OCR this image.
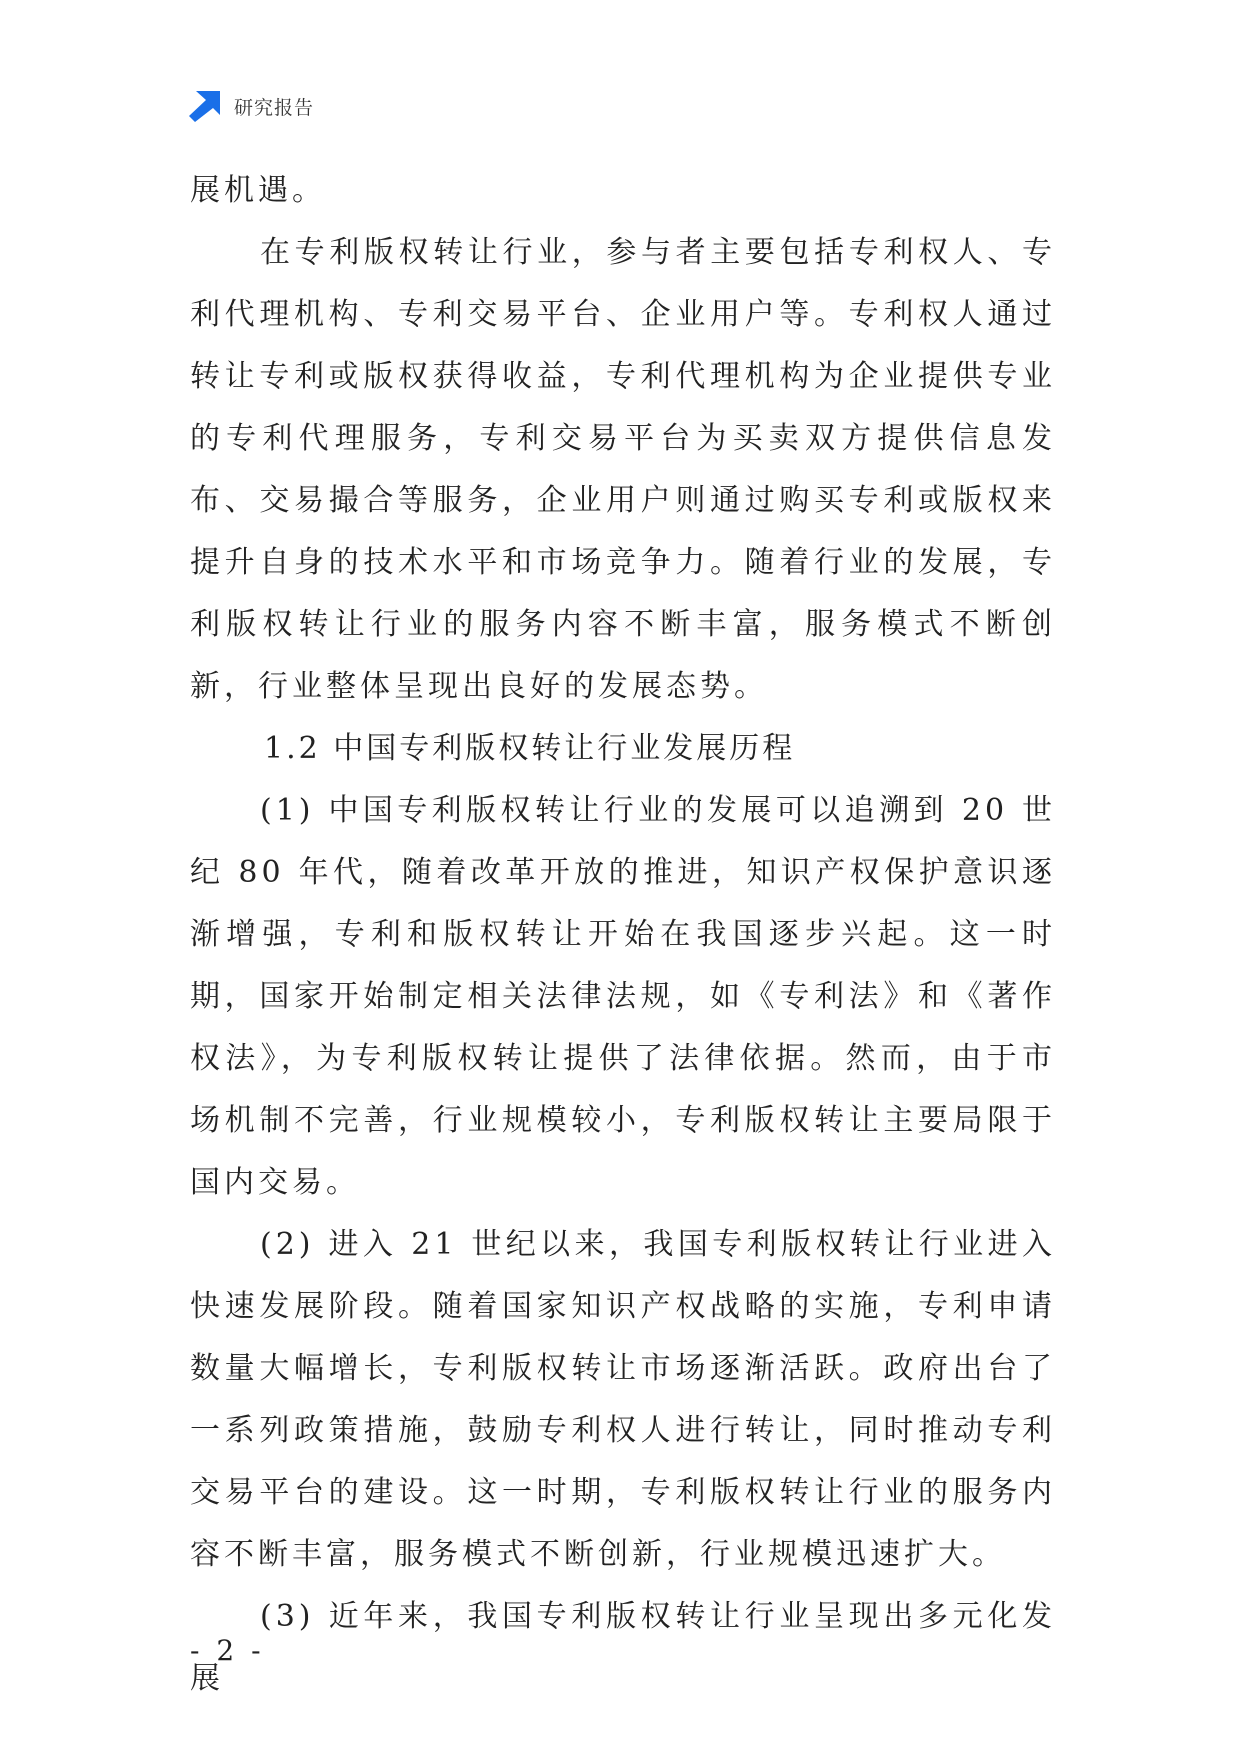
研究报告

展机遇。

在专利版权转让行业，参与者主要包括专利权人、专利代理机构、专利交易平台、企业用户等。专利权人通过转让专利或版权获得收益，专利代理机构为企业提供专业的专利代理服务，专利交易平台为买卖双方提供信息发布、交易撮合等服务，企业用户则通过购买专利或版权来提升自身的技术水平和市场竞争力。随着行业的发展，专利版权转让行业的服务内容不断丰富，服务模式不断创新，行业整体呈现出良好的发展态势。

1.2 中国专利版权转让行业发展历程

(1) 中国专利版权转让行业的发展可以追溯到 20 世纪 80 年代，随着改革开放的推进，知识产权保护意识逐渐增强，专利和版权转让开始在我国逐步兴起。这一时期，国家开始制定相关法律法规，如《专利法》和《著作权法》，为专利版权转让提供了法律依据。然而，由于市场机制不完善，行业规模较小，专利版权转让主要局限于国内交易。

(2) 进入 21 世纪以来，我国专利版权转让行业进入快速发展阶段。随着国家知识产权战略的实施，专利申请数量大幅增长，专利版权转让市场逐渐活跃。政府出台了一系列政策措施，鼓励专利权人进行转让，同时推动专利交易平台的建设。这一时期，专利版权转让行业的服务内容不断丰富，服务模式不断创新，行业规模迅速扩大。

(3) 近年来，我国专利版权转让行业呈现出多元化发展

- 2 -
